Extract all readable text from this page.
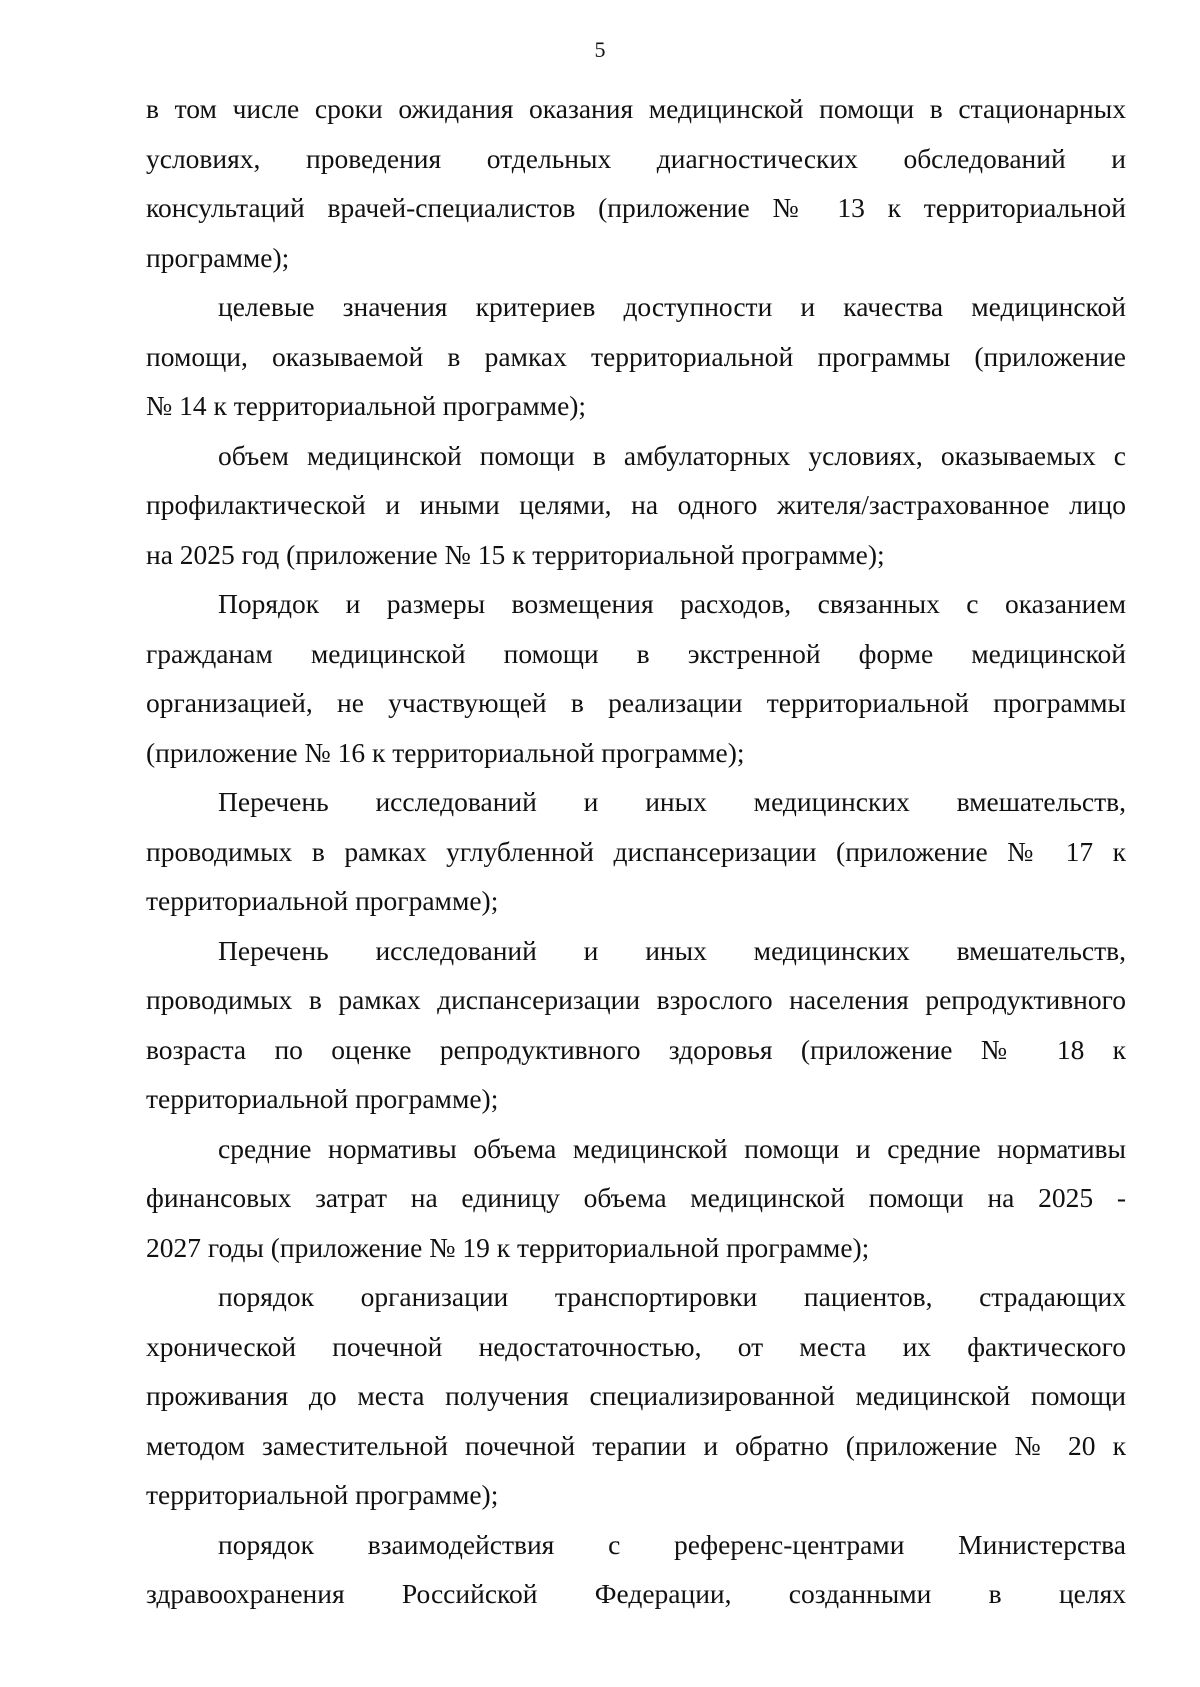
5

в том числе сроки ожидания оказания медицинской помощи в стационарных
условиях, проведения отдельных диагностических обследований и
консультаций врачей-специалистов (приложение № 13 к территориальной
программе);

целевые значения критериев доступности и качества медицинской
помощи, оказываемой в рамках территориальной программы (приложение
№ 14 к территориальной программе);

объем медицинской помощи в амбулаторных условиях, оказываемых с
профилактической и иными целями, на одного жителя/застрахованное лицо
на 2025 год (приложение № 15 к территориальной программе);

Порядок и размеры возмещения расходов, связанных с оказанием
гражданам медицинской помощи в экстренной форме медицинской
организацией, не участвующей в реализации территориальной программы
(приложение № 16 к территориальной программе);

Перечень исследований и иных медицинских вмешательств,
проводимых в рамках углубленной диспансеризации (приложение № 17 к
территориальной программе);

Перечень исследований и иных медицинских вмешательств,
проводимых в рамках диспансеризации взрослого населения репродуктивного
возраста по оценке репродуктивного здоровья (приложение № 18 к
территориальной программе);

средние нормативы объема медицинской помощи и средние нормативы
финансовых затрат на единицу объема медицинской помощи на 2025 -
2027 годы (приложение № 19 к территориальной программе);

порядок организации транспортировки пациентов, страдающих
хронической почечной недостаточностью, от места их фактического
проживания до места получения специализированной медицинской помощи
методом заместительной почечной терапии и обратно (приложение № 20 к
территориальной программе);

порядок взаимодействия с референс-центрами Министерства
здравоохранения Российской Федерации, созданными в целях
